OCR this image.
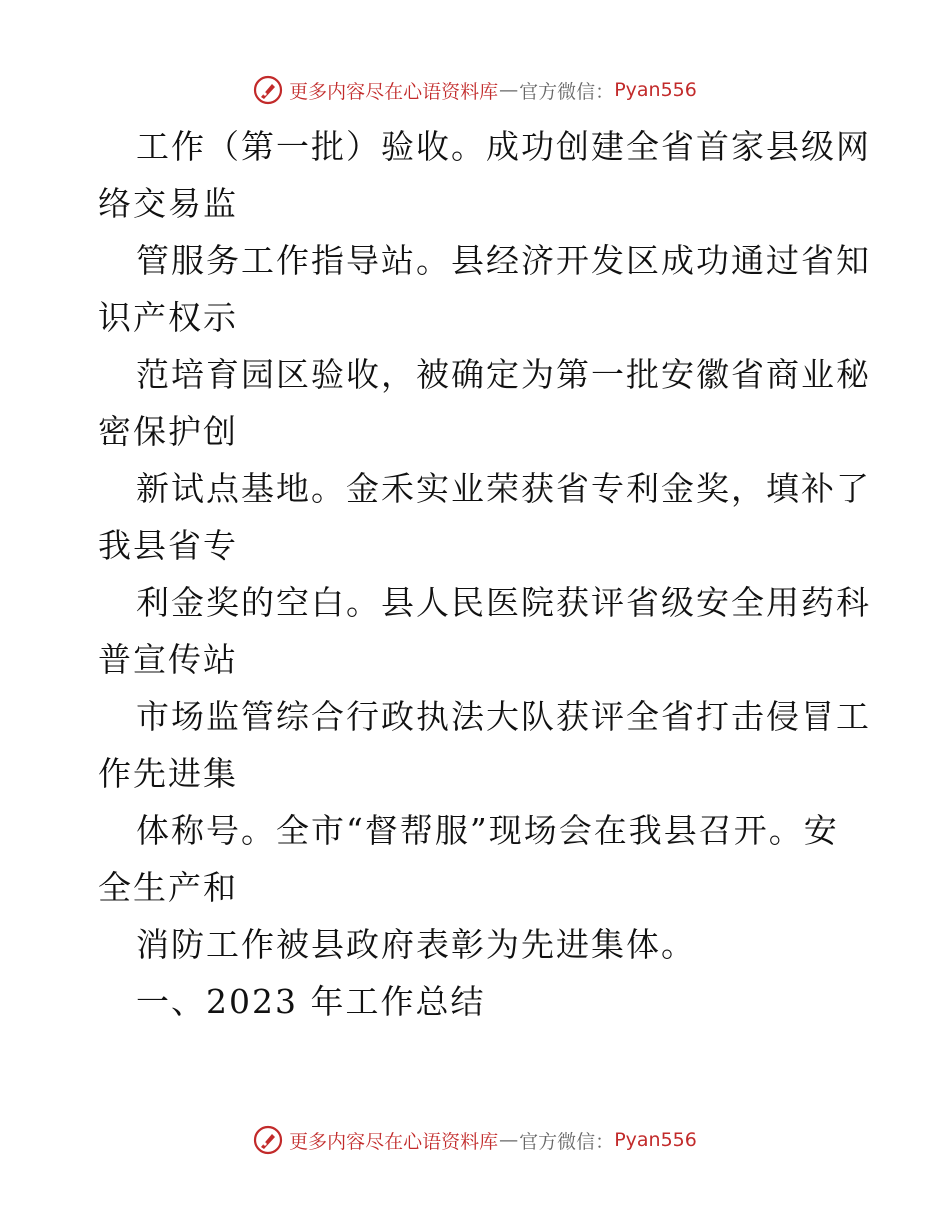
更多内容尽在心语资料库 — 官方微信： Pyan556
工作（第一批）验收。成功创建全省首家县级网
络交易监
管服务工作指导站。县经济开发区成功通过省知
识产权示
范培育园区验收，被确定为第一批安徽省商业秘
密保护创
新试点基地。金禾实业荣获省专利金奖，填补了
我县省专
利金奖的空白。县人民医院获评省级安全用药科
普宣传站
市场监管综合行政执法大队获评全省打击侵冒工
作先进集
体称号。全市“督帮服”现场会在我县召开。安
全生产和
消防工作被县政府表彰为先进集体。
一、2023 年工作总结
更多内容尽在心语资料库 — 官方微信： Pyan556
